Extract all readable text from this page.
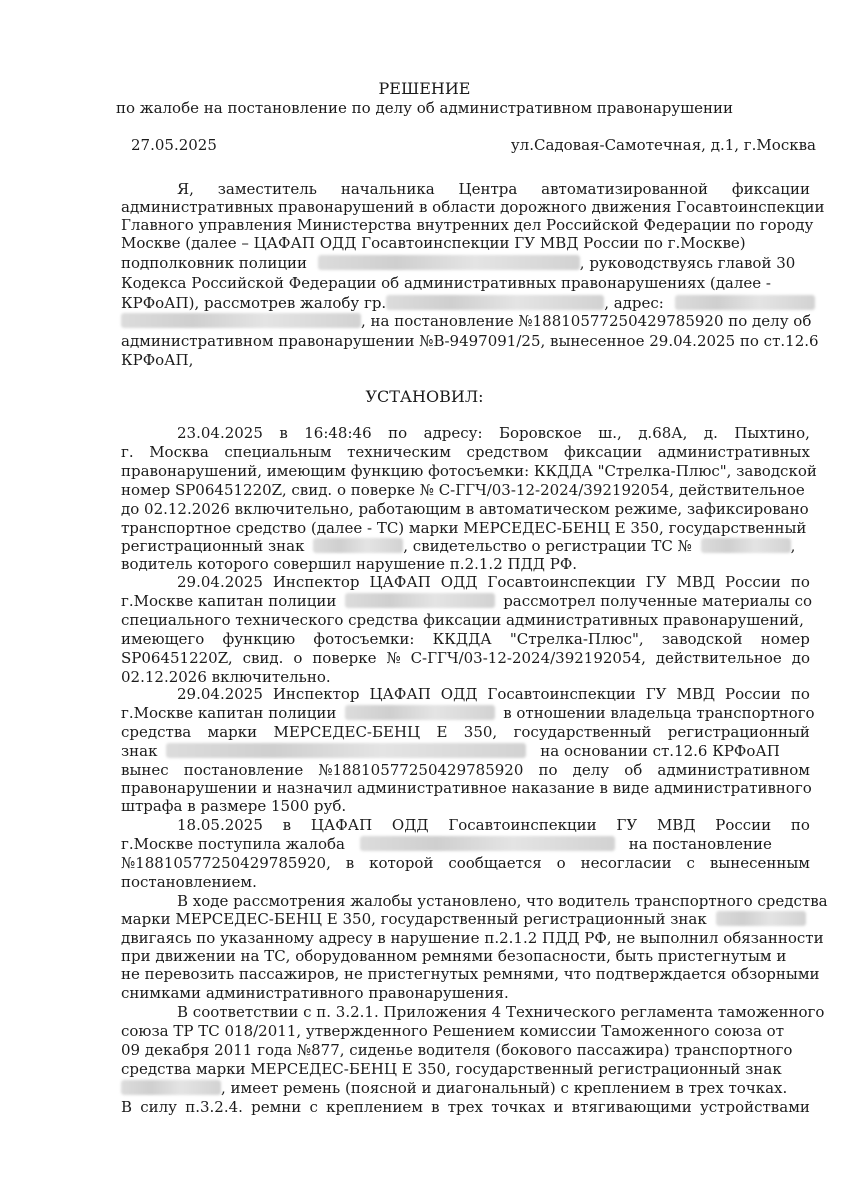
РЕШЕНИЕ
по жалобе на постановление по делу об административном правонарушении
27.05.2025	ул.Садовая-Самотечная, д.1, г.Москва
Я, заместитель начальника Центра автоматизированной фиксации
административных правонарушений в области дорожного движения Госавтоинспекции
Главного управления Министерства внутренних дел Российской Федерации по городу
Москве (далее – ЦАФАП ОДД Госавтоинспекции ГУ МВД России по г.Москве)
подполковник полиции	, руководствуясь главой 30
Кодекса Российской Федерации об административных правонарушениях (далее -
КРФоАП), рассмотрев жалобу гр.	, адрес:
, на постановление №18810577250429785920 по делу об
административном правонарушении №В-9497091/25, вынесенное 29.04.2025 по ст.12.6
КРФоАП,
УСТАНОВИЛ:
23.04.2025 в 16:48:46 по адресу: Боровское ш., д.68А, д. Пыхтино,
г. Москва специальным техническим средством фиксации административных
правонарушений, имеющим функцию фотосъемки: ККДДА "Стрелка-Плюс", заводской
номер SP06451220Z, свид. о поверке № С-ГГЧ/03-12-2024/392192054, действительное
до 02.12.2026 включительно, работающим в автоматическом режиме, зафиксировано
транспортное средство (далее - ТС) марки МЕРСЕДЕС-БЕНЦ Е 350, государственный
регистрационный знак	, свидетельство о регистрации ТС №	,
водитель которого совершил нарушение п.2.1.2 ПДД РФ.
29.04.2025 Инспектор ЦАФАП ОДД Госавтоинспекции ГУ МВД России по
г.Москве капитан полиции	рассмотрел полученные материалы со
специального технического средства фиксации административных правонарушений,
имеющего функцию фотосъемки: ККДДА "Стрелка-Плюс", заводской номер
SP06451220Z, свид. о поверке № С-ГГЧ/03-12-2024/392192054, действительное до
02.12.2026 включительно.
29.04.2025 Инспектор ЦАФАП ОДД Госавтоинспекции ГУ МВД России по
г.Москве капитан полиции	в отношении владельца транспортного
средства марки МЕРСЕДЕС-БЕНЦ Е 350, государственный регистрационный
знак	на основании ст.12.6 КРФоАП
вынес постановление №18810577250429785920 по делу об административном
правонарушении и назначил административное наказание в виде административного
штрафа в размере 1500 руб.
18.05.2025 в ЦАФАП ОДД Госавтоинспекции ГУ МВД России по
г.Москве поступила жалоба	на постановление
№18810577250429785920, в которой сообщается о несогласии с вынесенным
постановлением.
В ходе рассмотрения жалобы установлено, что водитель транспортного средства
марки МЕРСЕДЕС-БЕНЦ Е 350, государственный регистрационный знак
двигаясь по указанному адресу в нарушение п.2.1.2 ПДД РФ, не выполнил обязанности
при движении на ТС, оборудованном ремнями безопасности, быть пристегнутым и
не перевозить пассажиров, не пристегнутых ремнями, что подтверждается обзорными
снимками административного правонарушения.
В соответствии с п. 3.2.1. Приложения 4 Технического регламента таможенного
союза ТР ТС 018/2011, утвержденного Решением комиссии Таможенного союза от
09 декабря 2011 года №877, сиденье водителя (бокового пассажира) транспортного
средства марки МЕРСЕДЕС-БЕНЦ Е 350, государственный регистрационный знак
, имеет ремень (поясной и диагональный) с креплением в трех точках.
В силу п.3.2.4. ремни с креплением в трех точках и втягивающими устройствами
